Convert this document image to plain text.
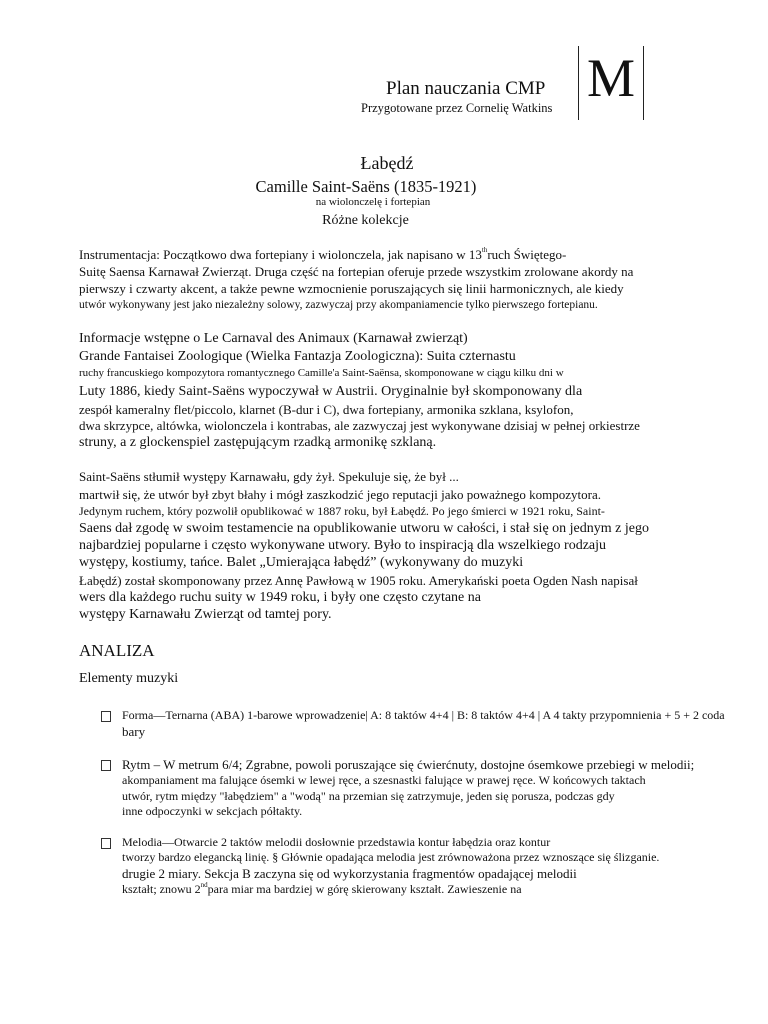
Plan nauczania CMP
Przygotowane przez Cornelię Watkins M
Łabędź
Camille Saint-Saëns (1835-1921)
na wiolonczelę i fortepian
Różne kolekcje
Instrumentacja: Początkowo dwa fortepiany i wiolonczela, jak napisano w 13thruch Świętego-
Suitę Saensa Karnawał Zwierząt. Druga część na fortepian oferuje przede wszystkim zrolowane akordy na
pierwszy i czwarty akcent, a także pewne wzmocnienie poruszających się linii harmonicznych, ale kiedy
utwór wykonywany jest jako niezależny solowy, zazwyczaj przy akompaniamencie tylko pierwszego fortepianu.
Informacje wstępne o Le Carnaval des Animaux (Karnawał zwierząt)
Grande Fantaisei Zoologique (Wielka Fantazja Zoologiczna): Suita czternastu
ruchy francuskiego kompozytora romantycznego Camille'a Saint-Saënsa, skomponowane w ciągu kilku dni w
Luty 1886, kiedy Saint-Saëns wypoczywał w Austrii. Oryginalnie był skomponowany dla
zespół kameralny flet/piccolo, klarnet (B-dur i C), dwa fortepiany, armonika szklana, ksylofon,
dwa skrzypce, altówka, wiolonczela i kontrabas, ale zazwyczaj jest wykonywane dzisiaj w pełnej orkiestrze
struny, a z glockenspiel zastępującym rzadką armonikę szklaną.
Saint-Saëns stłumił występy Karnawału, gdy żył. Spekuluje się, że był ...
martwił się, że utwór był zbyt błahy i mógł zaszkodzić jego reputacji jako poważnego kompozytora.
Jedynym ruchem, który pozwolił opublikować w 1887 roku, był Łabędź. Po jego śmierci w 1921 roku, Saint-
Saens dał zgodę w swoim testamencie na opublikowanie utworu w całości, i stał się on jednym z jego
najbardziej popularne i często wykonywane utwory. Było to inspiracją dla wszelkiego rodzaju
występy, kostiumy, tańce. Balet „Umierająca łabędź” (wykonywany do muzyki
Łabędź) został skomponowany przez Annę Pawłową w 1905 roku. Amerykański poeta Ogden Nash napisał
wers dla każdego ruchu suity w 1949 roku, i były one często czytane na
występy Karnawału Zwierząt od tamtej pory.
ANALIZA
Elementy muzyki
Forma—Ternarna (ABA) 1-barowe wprowadzenie| A: 8 taktów 4+4 | B: 8 taktów 4+4 | A 4 takty przypomnienia + 5 + 2 coda
bary
Rytm – W metrum 6/4; Zgrabne, powoli poruszające się ćwierćnuty, dostojne ósemkowe przebiegi w melodii;
akompaniament ma falujące ósemki w lewej ręce, a szesnastki falujące w prawej ręce. W końcowych taktach
utwór, rytm między "łabędziem" a "wodą" na przemian się zatrzymuje, jeden się porusza, podczas gdy
inne odpoczynki w sekcjach półtakty.
Melodia—Otwarcie 2 taktów melodii dosłownie przedstawia kontur łabędzia oraz kontur
tworzy bardzo elegancką linię. § Głównie opadająca melodia jest zrównoważona przez wznoszące się ślizganie.
drugie 2 miary. Sekcja B zaczyna się od wykorzystania fragmentów opadającej melodii
kształt; znowu 2ndpara miar ma bardziej w górę skierowany kształt. Zawieszenie na
